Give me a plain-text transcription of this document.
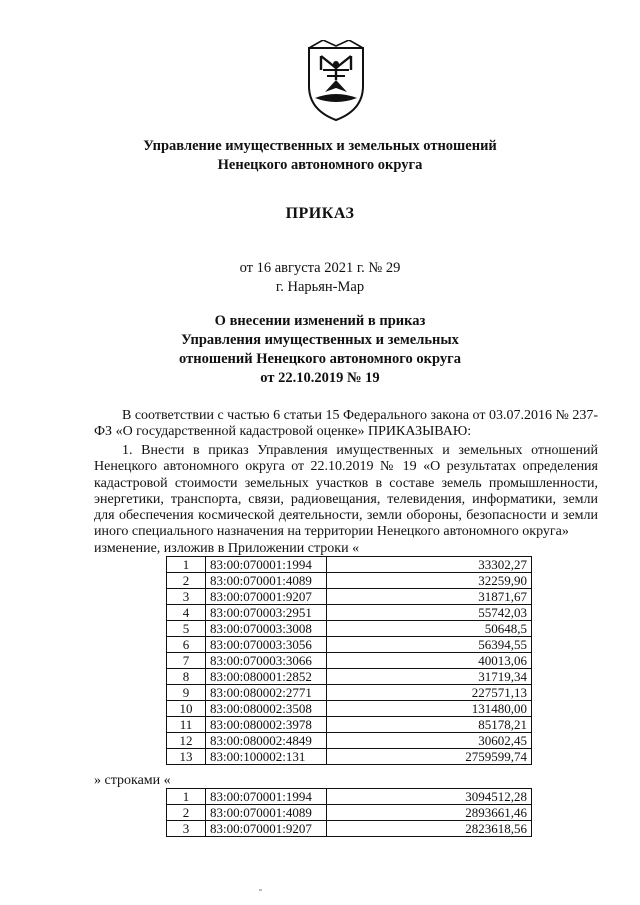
Управление имущественных и земельных отношений
Ненецкого автономного округа
ПРИКАЗ
от 16 августа 2021 г. № 29
г. Нарьян-Мар
О внесении изменений в приказ
Управления имущественных и земельных
отношений Ненецкого автономного округа
от 22.10.2019 № 19
В соответствии с частью 6 статьи 15 Федерального закона от 03.07.2016 № 237-ФЗ «О государственной кадастровой оценке» ПРИКАЗЫВАЮ:
1. Внести в приказ Управления имущественных и земельных отношений Ненецкого автономного округа от 22.10.2019 № 19 «О результатах определения кадастровой стоимости земельных участков в составе земель промышленности, энергетики, транспорта, связи, радиовещания, телевидения, информатики, земли для обеспечения космической деятельности, земли обороны, безопасности и земли иного специального назначения на территории Ненецкого автономного округа»
изменение, изложив в Приложении строки «
1	83:00:070001:1994	33302,27
2	83:00:070001:4089	32259,90
3	83:00:070001:9207	31871,67
4	83:00:070003:2951	55742,03
5	83:00:070003:3008	50648,5
6	83:00:070003:3056	56394,55
7	83:00:070003:3066	40013,06
8	83:00:080001:2852	31719,34
9	83:00:080002:2771	227571,13
10	83:00:080002:3508	131480,00
11	83:00:080002:3978	85178,21
12	83:00:080002:4849	30602,45
13	83:00:100002:131	2759599,74
» строками «
1	83:00:070001:1994	3094512,28
2	83:00:070001:4089	2893661,46
3	83:00:070001:9207	2823618,56
